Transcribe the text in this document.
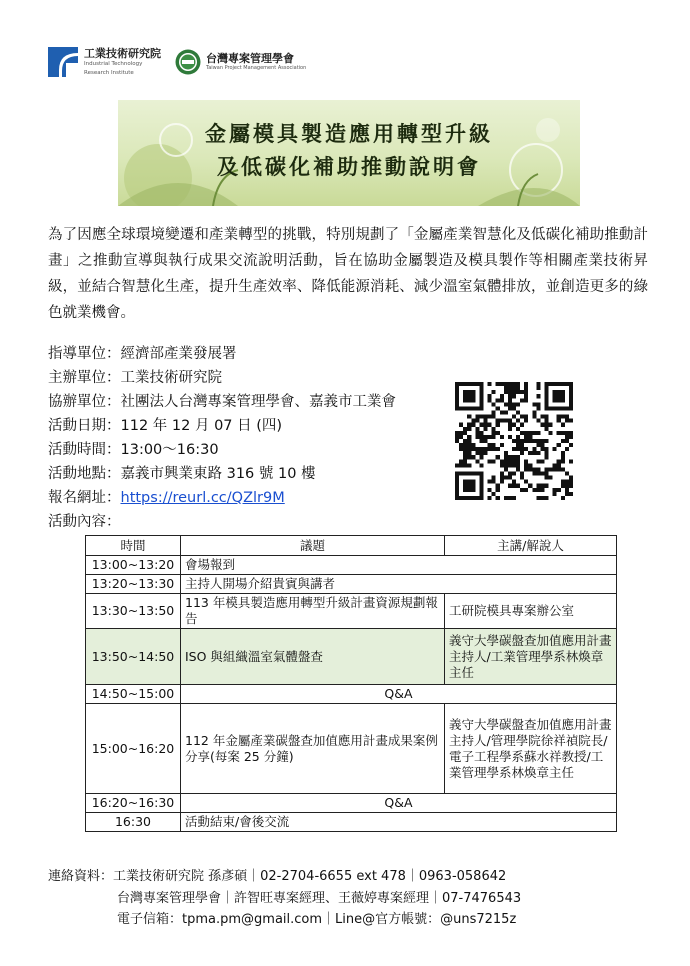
工業技術研究院
Industrial Technology
Research Institute
台灣專案管理學會
Taiwan Project Management Association
金屬模具製造應用轉型升級
及低碳化補助推動說明會
為了因應全球環境變遷和產業轉型的挑戰，特別規劃了「金屬產業智慧化及低碳化補助推動計畫」之推動宣導與執行成果交流說明活動，旨在協助金屬製造及模具製作等相關產業技術昇級，並結合智慧化生產，提升生產效率、降低能源消耗、減少溫室氣體排放，並創造更多的綠色就業機會。
指導單位：經濟部產業發展署
主辦單位：工業技術研究院
協辦單位：社團法人台灣專案管理學會、嘉義市工業會
活動日期：112 年 12 月 07 日 (四)
活動時間：13:00～16:30
活動地點：嘉義市興業東路 316 號 10 樓
報名網址：https://reurl.cc/QZlr9M
活動內容：
時間	議題	主講/解說人
13:00~13:20	會場報到	
13:20~13:30	主持人開場介紹貴賓與講者	
13:30~13:50	113 年模具製造應用轉型升級計畫資源規劃報告	工研院模具專案辦公室
13:50~14:50	ISO 與組織溫室氣體盤查	義守大學碳盤查加值應用計畫主持人/工業管理學系林煥章主任
14:50~15:00	Q&A	
15:00~16:20	112 年金屬產業碳盤查加值應用計畫成果案例分享(每案 25 分鐘)	義守大學碳盤查加值應用計畫主持人/管理學院徐祥禎院長/電子工程學系蘇水祥教授/工業管理學系林煥章主任
16:20~16:30	Q&A	
16:30	活動結束/會後交流	
連絡資料：工業技術研究院 孫彥碩｜02-2704-6655 ext 478｜0963-058642
台灣專案管理學會｜許智旺專案經理、王薇婷專案經理｜07-7476543
電子信箱：tpma.pm@gmail.com｜Line@官方帳號：@uns7215z
